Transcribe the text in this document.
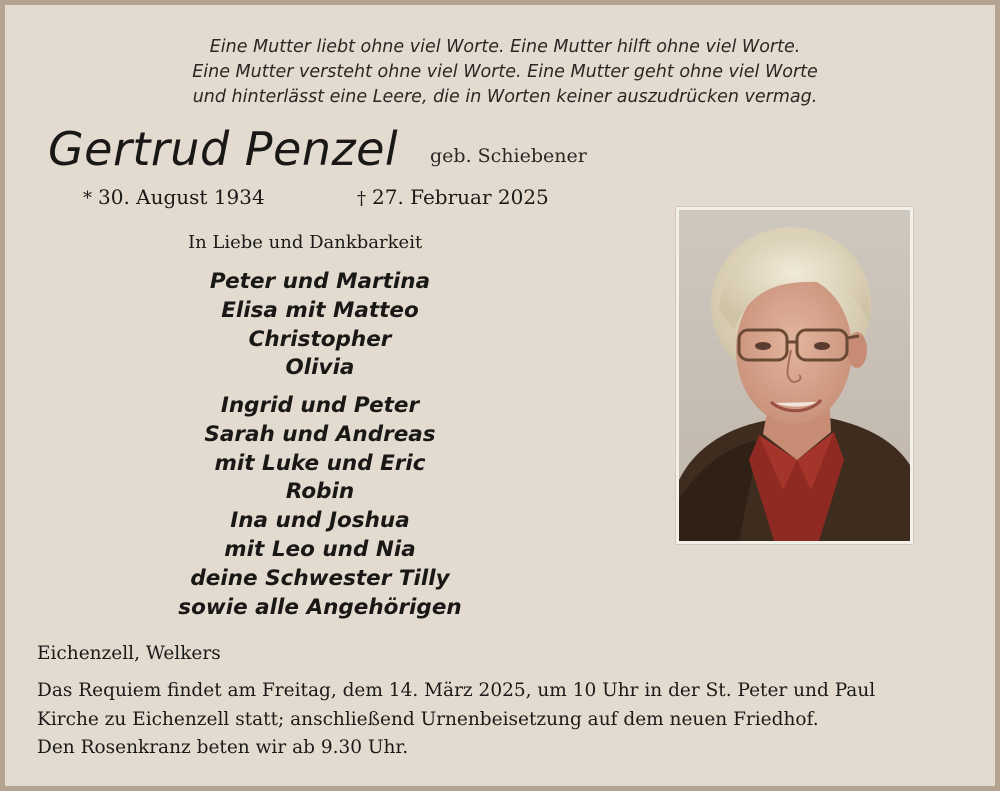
Eine Mutter liebt ohne viel Worte. Eine Mutter hilft ohne viel Worte.
Eine Mutter versteht ohne viel Worte. Eine Mutter geht ohne viel Worte
und hinterlässt eine Leere, die in Worten keiner auszudrücken vermag.
Gertrud Penzel geb. Schiebener
* 30. August 1934	† 27. Februar 2025
In Liebe und Dankbarkeit
Peter und Martina
Elisa mit Matteo
Christopher
Olivia
Ingrid und Peter
Sarah und Andreas
mit Luke und Eric
Robin
Ina und Joshua
mit Leo und Nia
deine Schwester Tilly
sowie alle Angehörigen
Eichenzell, Welkers
Das Requiem findet am Freitag, dem 14. März 2025, um 10 Uhr in der St. Peter und Paul
Kirche zu Eichenzell statt; anschließend Urnenbeisetzung auf dem neuen Friedhof.
Den Rosenkranz beten wir ab 9.30 Uhr.
